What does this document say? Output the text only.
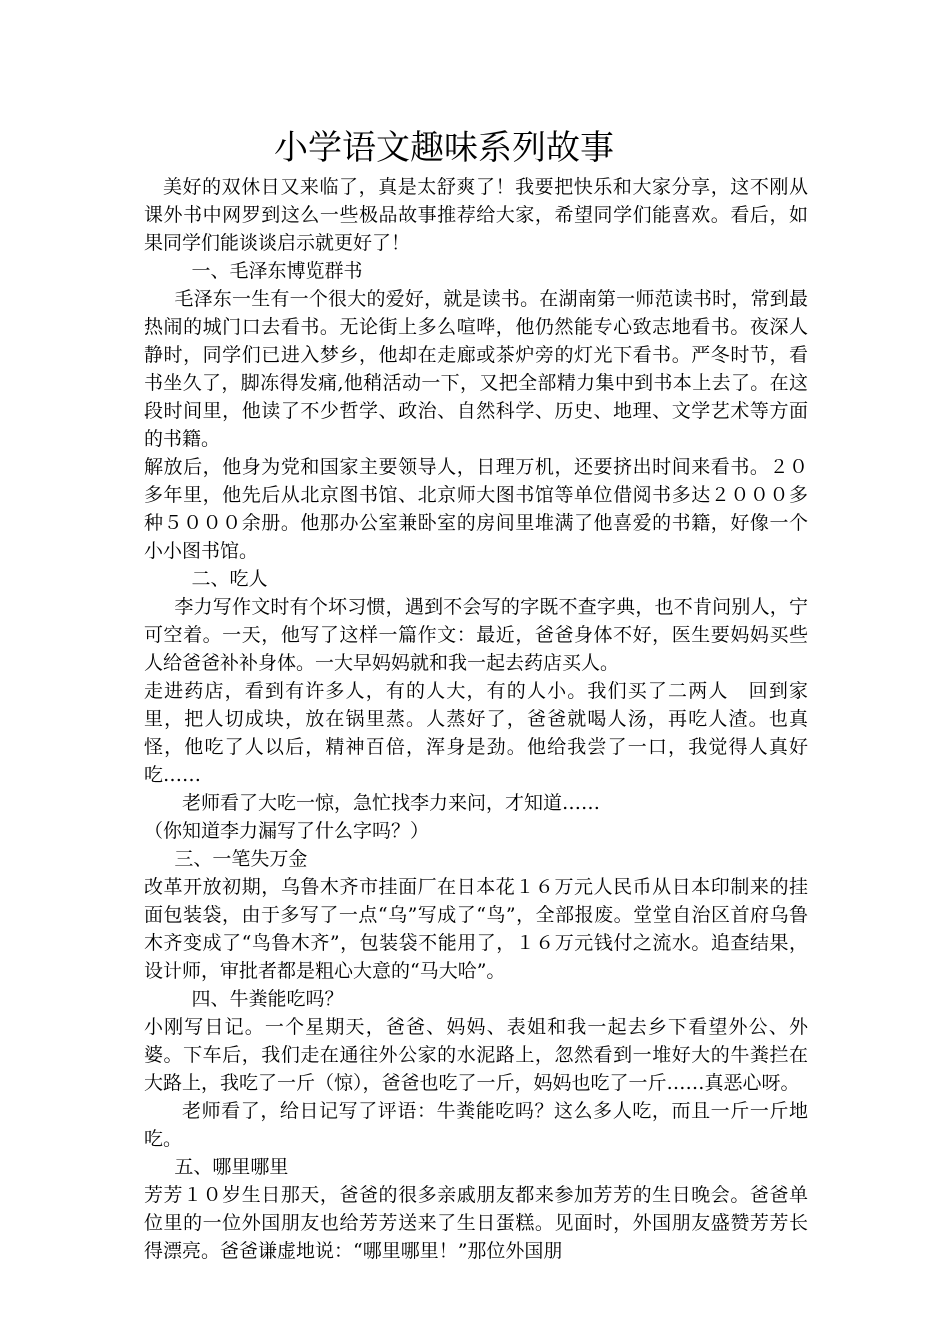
小学语文趣味系列故事

美好的双休日又来临了，真是太舒爽了！我要把快乐和大家分享，这不刚从课外书中网罗到这么一些极品故事推荐给大家，希望同学们能喜欢。看后，如果同学们能谈谈启示就更好了！

一、毛泽东博览群书

毛泽东一生有一个很大的爱好，就是读书。在湖南第一师范读书时，常到最热闹的城门口去看书。无论街上多么喧哗，他仍然能专心致志地看书。夜深人静时，同学们已进入梦乡，他却在走廊或茶炉旁的灯光下看书。严冬时节，看书坐久了，脚冻得发痛,他稍活动一下，又把全部精力集中到书本上去了。在这段时间里，他读了不少哲学、政治、自然科学、历史、地理、文学艺术等方面的书籍。

解放后，他身为党和国家主要领导人，日理万机，还要挤出时间来看书。２０多年里，他先后从北京图书馆、北京师大图书馆等单位借阅书多达２０００多种５０００余册。他那办公室兼卧室的房间里堆满了他喜爱的书籍，好像一个小小图书馆。

二、吃人

李力写作文时有个坏习惯，遇到不会写的字既不查字典，也不肯问别人，宁可空着。一天，他写了这样一篇作文：最近，爸爸身体不好，医生要妈妈买些人给爸爸补补身体。一大早妈妈就和我一起去药店买人。

走进药店，看到有许多人，有的人大，有的人小。我们买了二两人　回到家里，把人切成块，放在锅里蒸。人蒸好了，爸爸就喝人汤，再吃人渣。也真怪，他吃了人以后，精神百倍，浑身是劲。他给我尝了一口，我觉得人真好吃……

老师看了大吃一惊，急忙找李力来问，才知道……

（你知道李力漏写了什么字吗？）

三、一笔失万金

改革开放初期，乌鲁木齐市挂面厂在日本花１６万元人民币从日本印制来的挂面包装袋，由于多写了一点“乌”写成了“鸟”，全部报废。堂堂自治区首府乌鲁木齐变成了“鸟鲁木齐”，包装袋不能用了，１６万元钱付之流水。追查结果，设计师，审批者都是粗心大意的“马大哈”。

四、牛粪能吃吗？

小刚写日记。一个星期天，爸爸、妈妈、表姐和我一起去乡下看望外公、外婆。下车后，我们走在通往外公家的水泥路上，忽然看到一堆好大的牛粪拦在大路上，我吃了一斤（惊），爸爸也吃了一斤，妈妈也吃了一斤……真恶心呀。

老师看了，给日记写了评语：牛粪能吃吗？这么多人吃，而且一斤一斤地吃。

五、哪里哪里

芳芳１０岁生日那天，爸爸的很多亲戚朋友都来参加芳芳的生日晚会。爸爸单位里的一位外国朋友也给芳芳送来了生日蛋糕。见面时，外国朋友盛赞芳芳长得漂亮。爸爸谦虚地说：“哪里哪里！”那位外国朋
